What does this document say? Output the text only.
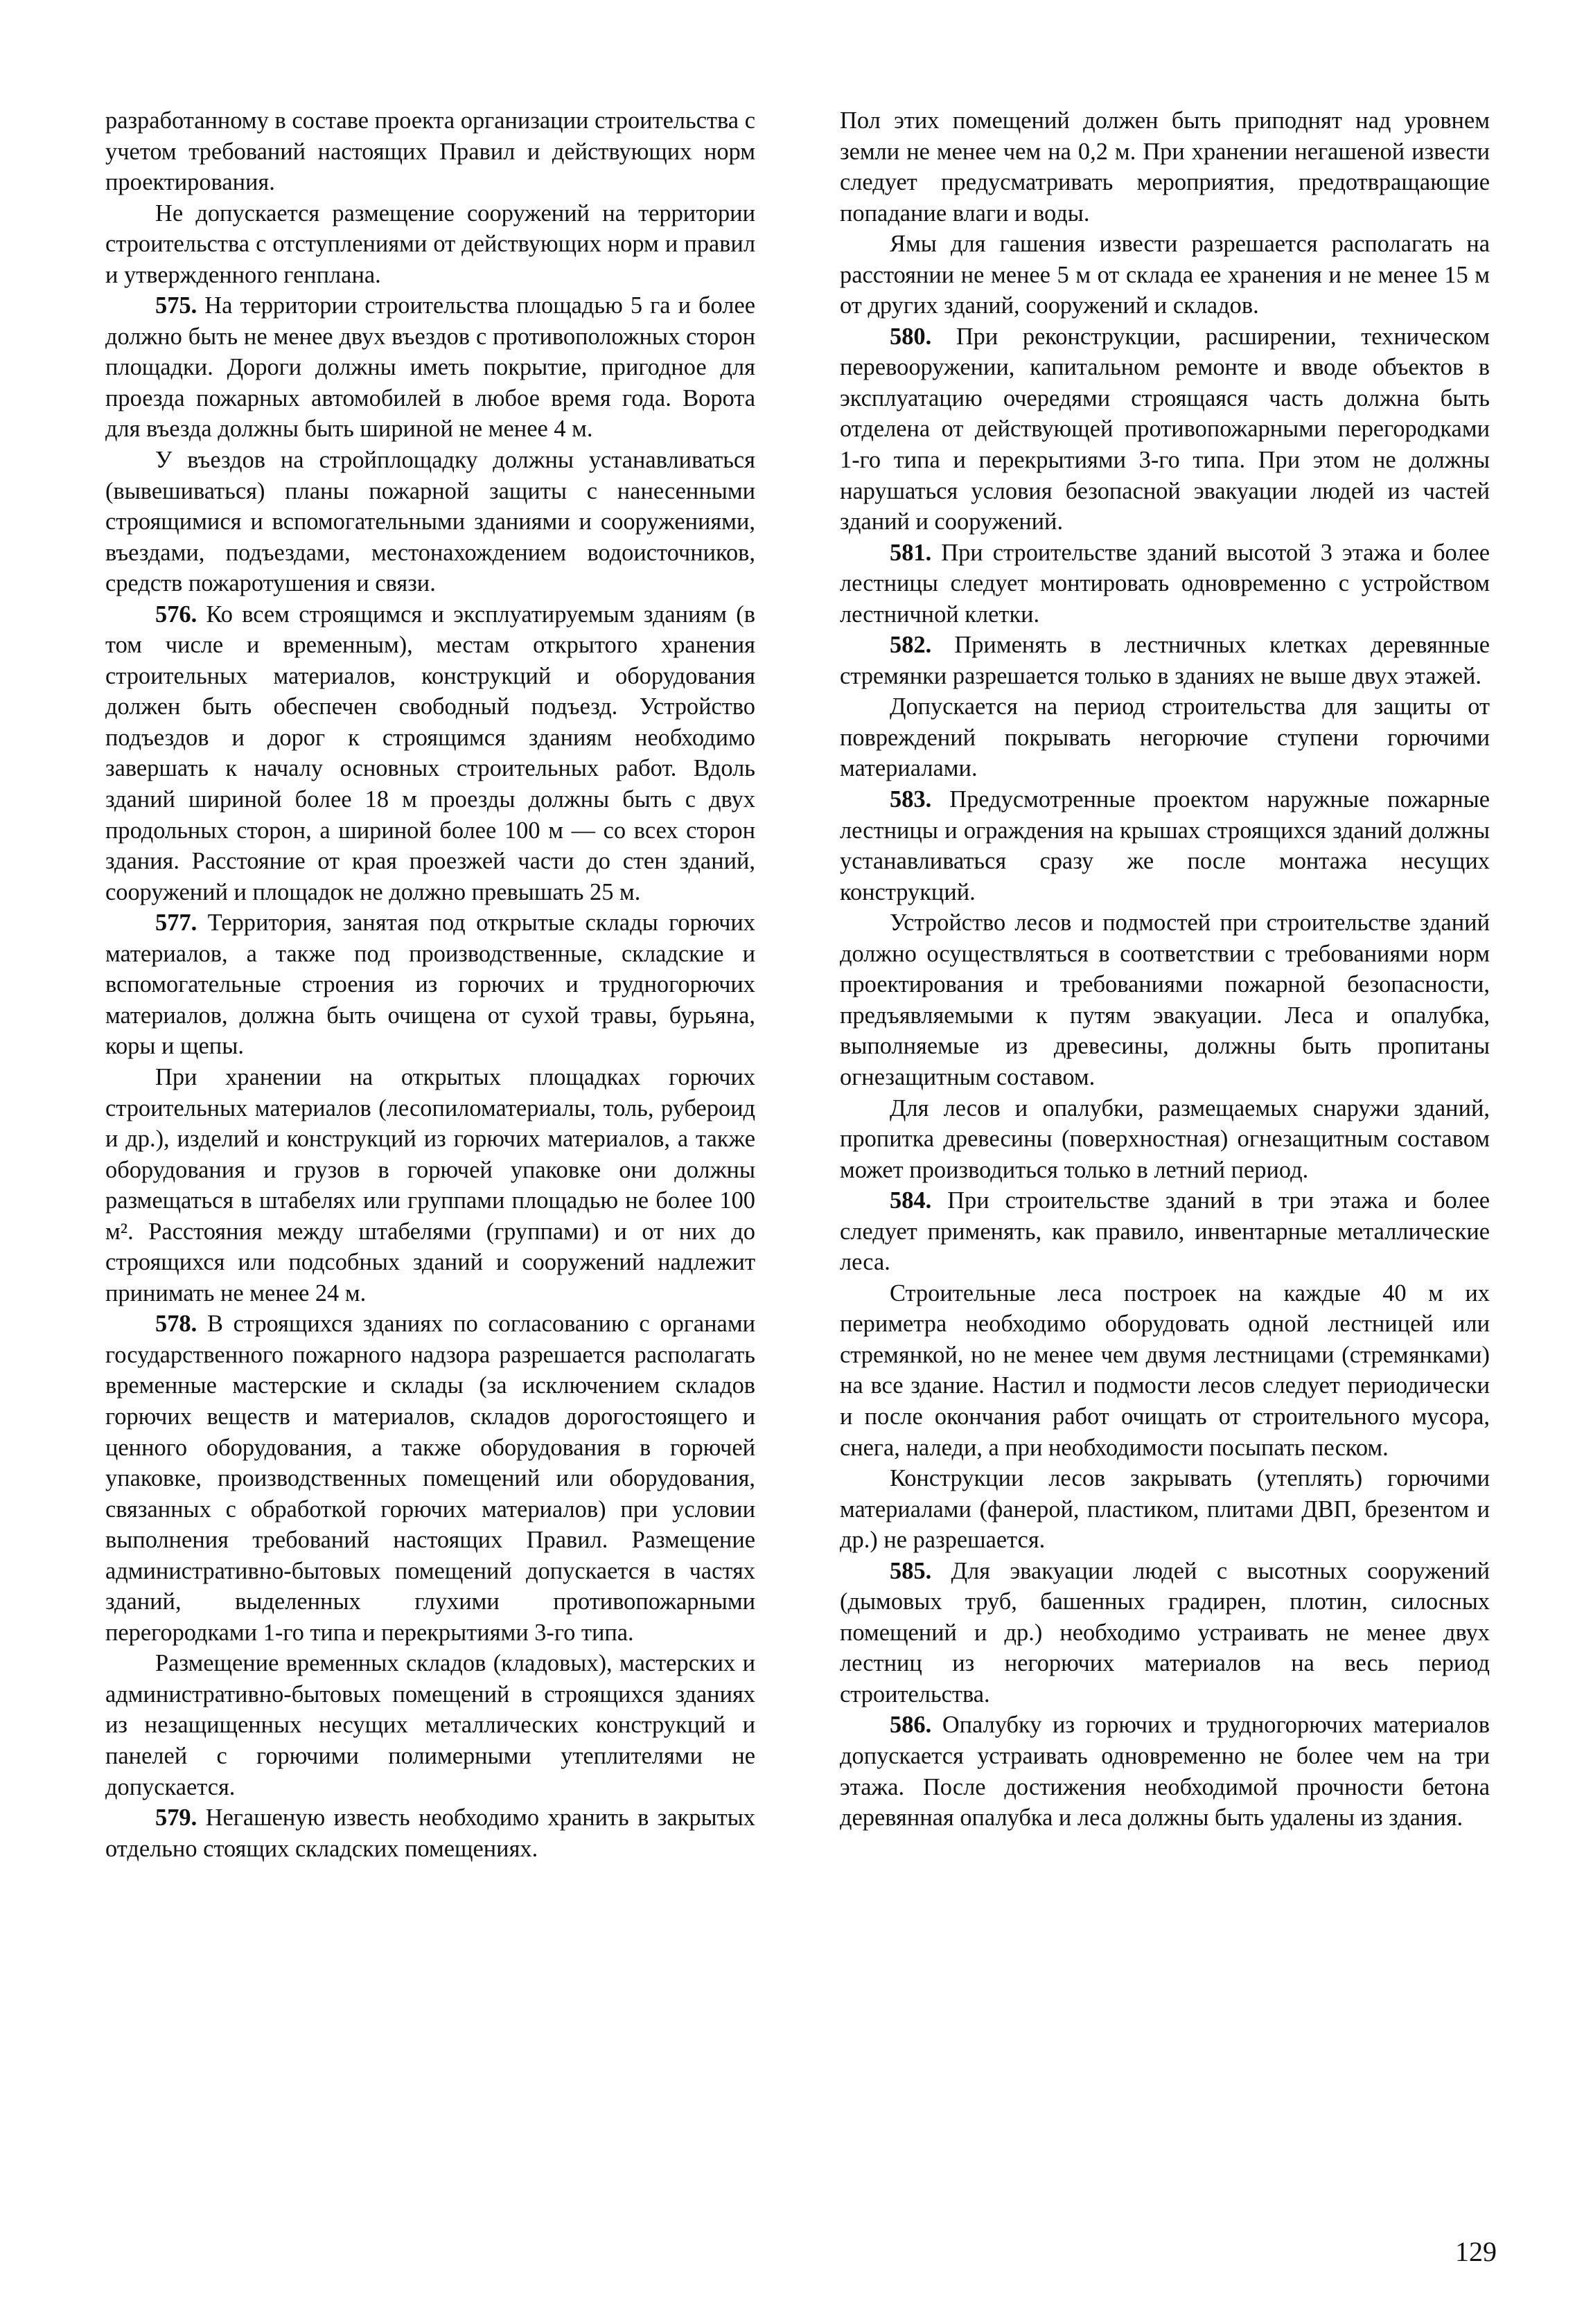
разработанному в составе проекта организации строительства с учетом требований настоящих Правил и действующих норм проектирования.

Не допускается размещение сооружений на территории строительства с отступлениями от действующих норм и правил и утвержденного генплана.

575. На территории строительства площадью 5 га и более должно быть не менее двух въездов с противоположных сторон площадки. Дороги должны иметь покрытие, пригодное для проезда пожарных автомобилей в любое время года. Ворота для въезда должны быть шириной не менее 4 м.

У въездов на стройплощадку должны устанавливаться (вывешиваться) планы пожарной защиты с нанесенными строящимися и вспомогательными зданиями и сооружениями, въездами, подъездами, местонахождением водоисточников, средств пожаротушения и связи.

576. Ко всем строящимся и эксплуатируемым зданиям (в том числе и временным), местам открытого хранения строительных материалов, конструкций и оборудования должен быть обеспечен свободный подъезд. Устройство подъездов и дорог к строящимся зданиям необходимо завершать к началу основных строительных работ. Вдоль зданий шириной более 18 м проезды должны быть с двух продольных сторон, а шириной более 100 м — со всех сторон здания. Расстояние от края проезжей части до стен зданий, сооружений и площадок не должно превышать 25 м.

577. Территория, занятая под открытые склады горючих материалов, а также под производственные, складские и вспомогательные строения из горючих и трудногорючих материалов, должна быть очищена от сухой травы, бурьяна, коры и щепы.

При хранении на открытых площадках горючих строительных материалов (лесопиломатериалы, толь, рубероид и др.), изделий и конструкций из горючих материалов, а также оборудования и грузов в горючей упаковке они должны размещаться в штабелях или группами площадью не более 100 м². Расстояния между штабелями (группами) и от них до строящихся или подсобных зданий и сооружений надлежит принимать не менее 24 м.

578. В строящихся зданиях по согласованию с органами государственного пожарного надзора разрешается располагать временные мастерские и склады (за исключением складов горючих веществ и материалов, складов дорогостоящего и ценного оборудования, а также оборудования в горючей упаковке, производственных помещений или оборудования, связанных с обработкой горючих материалов) при условии выполнения требований настоящих Правил. Размещение административно-бытовых помещений допускается в частях зданий, выделенных глухими противопожарными перегородками 1-го типа и перекрытиями 3-го типа.

Размещение временных складов (кладовых), мастерских и административно-бытовых помещений в строящихся зданиях из незащищенных несущих металлических конструкций и панелей с горючими полимерными утеплителями не допускается.

579. Негашеную известь необходимо хранить в закрытых отдельно стоящих складских помещениях.

Пол этих помещений должен быть приподнят над уровнем земли не менее чем на 0,2 м. При хранении негашеной извести следует предусматривать мероприятия, предотвращающие попадание влаги и воды.

Ямы для гашения извести разрешается располагать на расстоянии не менее 5 м от склада ее хранения и не менее 15 м от других зданий, сооружений и складов.

580. При реконструкции, расширении, техническом перевооружении, капитальном ремонте и вводе объектов в эксплуатацию очередями строящаяся часть должна быть отделена от действующей противопожарными перегородками 1-го типа и перекрытиями 3-го типа. При этом не должны нарушаться условия безопасной эвакуации людей из частей зданий и сооружений.

581. При строительстве зданий высотой 3 этажа и более лестницы следует монтировать одновременно с устройством лестничной клетки.

582. Применять в лестничных клетках деревянные стремянки разрешается только в зданиях не выше двух этажей.

Допускается на период строительства для защиты от повреждений покрывать негорючие ступени горючими материалами.

583. Предусмотренные проектом наружные пожарные лестницы и ограждения на крышах строящихся зданий должны устанавливаться сразу же после монтажа несущих конструкций.

Устройство лесов и подмостей при строительстве зданий должно осуществляться в соответствии с требованиями норм проектирования и требованиями пожарной безопасности, предъявляемыми к путям эвакуации. Леса и опалубка, выполняемые из древесины, должны быть пропитаны огнезащитным составом.

Для лесов и опалубки, размещаемых снаружи зданий, пропитка древесины (поверхностная) огнезащитным составом может производиться только в летний период.

584. При строительстве зданий в три этажа и более следует применять, как правило, инвентарные металлические леса.

Строительные леса построек на каждые 40 м их периметра необходимо оборудовать одной лестницей или стремянкой, но не менее чем двумя лестницами (стремянками) на все здание. Настил и подмости лесов следует периодически и после окончания работ очищать от строительного мусора, снега, наледи, а при необходимости посыпать песком.

Конструкции лесов закрывать (утеплять) горючими материалами (фанерой, пластиком, плитами ДВП, брезентом и др.) не разрешается.

585. Для эвакуации людей с высотных сооружений (дымовых труб, башенных градирен, плотин, силосных помещений и др.) необходимо устраивать не менее двух лестниц из негорючих материалов на весь период строительства.

586. Опалубку из горючих и трудногорючих материалов допускается устраивать одновременно не более чем на три этажа. После достижения необходимой прочности бетона деревянная опалубка и леса должны быть удалены из здания.

129
